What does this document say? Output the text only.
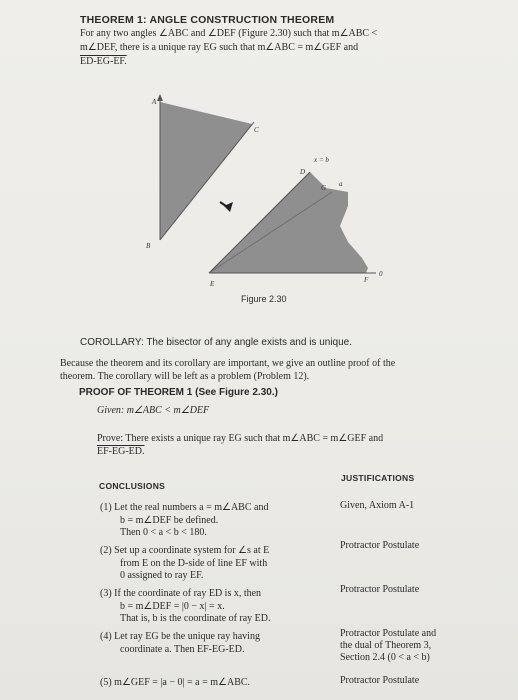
THEOREM 1: ANGLE CONSTRUCTION THEOREM
For any two angles ∠ABC and ∠DEF (Figure 2.30) such that m∠ABC <
m∠DEF, there is a unique ray EG such that m∠ABC = m∠GEF and
ED-EG-EF.
A
B
C
D
x = b
G a
E	F
0
Figure 2.30
COROLLARY: The bisector of any angle exists and is unique.
Because the theorem and its corollary are important, we give an outline proof of the
theorem. The corollary will be left as a problem (Problem 12).
PROOF OF THEOREM 1 (See Figure 2.30.)
Given: m∠ABC < m∠DEF
Prove: There exists a unique ray EG such that m∠ABC = m∠GEF and
EF-EG-ED.
CONCLUSIONS
JUSTIFICATIONS
(1) Let the real numbers a = m∠ABC and
b = m∠DEF be defined.
Then 0 < a < b < 180.
Given, Axiom A-1
(2) Set up a coordinate system for ∠s at E
from E on the D-side of line EF with
0 assigned to ray EF.
Protractor Postulate
(3) If the coordinate of ray ED is x, then
b = m∠DEF = |0 − x| = x.
That is, b is the coordinate of ray ED.
Protractor Postulate
(4) Let ray EG be the unique ray having
coordinate a. Then EF-EG-ED.
Protractor Postulate and
the dual of Theorem 3,
Section 2.4 (0 < a < b)
(5) m∠GEF = |a − 0| = a = m∠ABC.	Protractor Postulate
